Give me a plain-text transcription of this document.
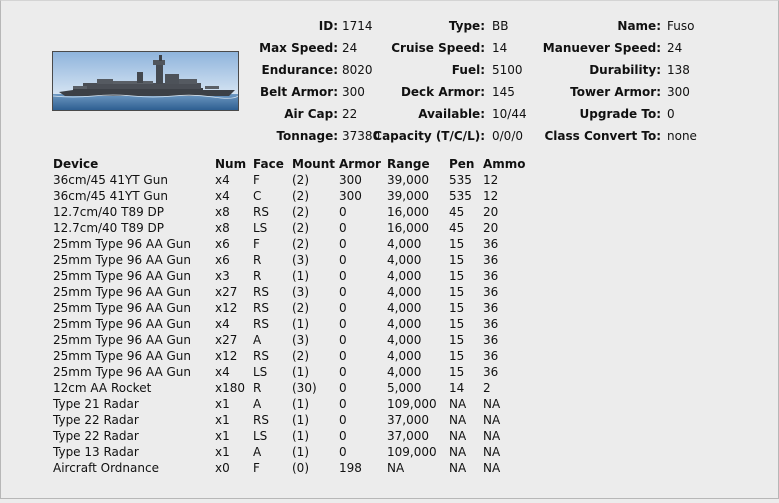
ID: 1714	Type: BB	Name: Fuso
Max Speed: 24	Cruise Speed: 14	Manuever Speed: 24
Endurance: 8020	Fuel: 5100	Durability: 138
Belt Armor: 300	Deck Armor: 145	Tower Armor: 300
Air Cap: 22	Available: 10/44	Upgrade To: 0
Tonnage: 37380
Capacity (T/C/L): 0/0/0 Class Convert To: none
Device	Num Face Mount Armor Range Pen Ammo
36cm/45 41YT Gun	x4 F	(2)	300 39,000 535 12
36cm/45 41YT Gun	x4 C	(2)	300 39,000 535 12
12.7cm/40 T89 DP	x8 RS (2)	0	16,000 45 20
12.7cm/40 T89 DP	x8 LS (2)	0	16,000 45 20
25mm Type 96 AA Gun x6 F	(2)	0	4,000 15 36
25mm Type 96 AA Gun x6 R	(3)	0	4,000 15 36
25mm Type 96 AA Gun x3 R	(1)	0	4,000 15 36
25mm Type 96 AA Gun x27 RS (3)	0	4,000 15 36
25mm Type 96 AA Gun x12 RS (2)	0	4,000 15 36
25mm Type 96 AA Gun x4 RS (1)	0	4,000 15 36
25mm Type 96 AA Gun x27 A	(3)	0	4,000 15 36
25mm Type 96 AA Gun x12 RS (2)	0	4,000 15 36
25mm Type 96 AA Gun x4 LS (1)	0	4,000 15 36
12cm AA Rocket	x180 R	(30) 0	5,000 14 2
Type 21 Radar	x1 A	(1)	0	109,000 NA NA
Type 22 Radar	x1 RS (1)	0	37,000 NA NA
Type 22 Radar	x1 LS (1)	0	37,000 NA NA
Type 13 Radar	x1 A	(1)	0	109,000 NA NA
Aircraft Ordnance	x0 F	(0)	198 NA	NA NA
